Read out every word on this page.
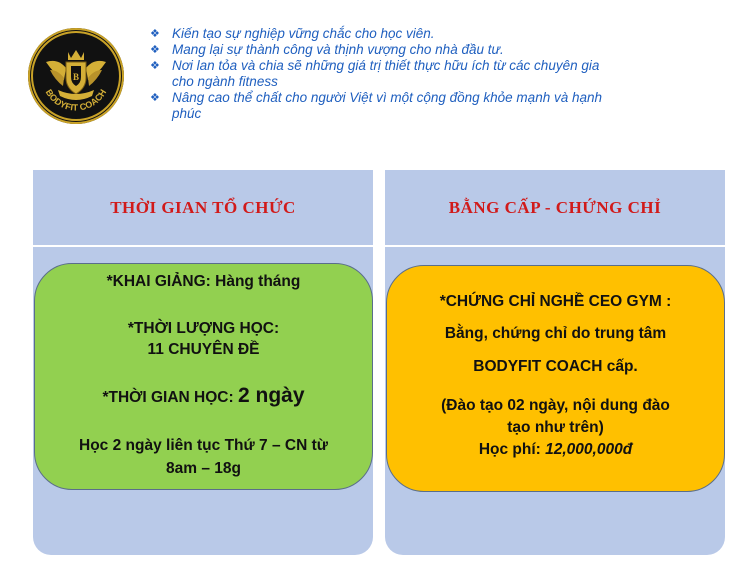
B
BODYFIT COACH
❖ Kiến tạo sự nghiệp vững chắc cho học viên.
❖ Mang lại sự thành công và thịnh vượng cho nhà đầu tư.
❖ Nơi lan tỏa và chia sẽ những giá trị thiết thực hữu ích từ các chuyên gia
cho ngành fitness
❖ Nâng cao thể chất cho người Việt vì một cộng đồng khỏe mạnh và hạnh
phúc
THỜI GIAN TỔ CHỨC	BẰNG CẤP - CHỨNG CHỈ
*KHAI GIẢNG: Hàng tháng
*THỜI LƯỢNG HỌC:
11 CHUYÊN ĐỀ
*THỜI GIAN HỌC: 2 ngày
Học 2 ngày liên tục Thứ 7 – CN từ
8am – 18g
*CHỨNG CHỈ NGHỀ CEO GYM :
Bằng, chứng chỉ do trung tâm
BODYFIT COACH cấp.
(Đào tạo 02 ngày, nội dung đào
tạo như trên)
Học phí: 12,000,000đ
